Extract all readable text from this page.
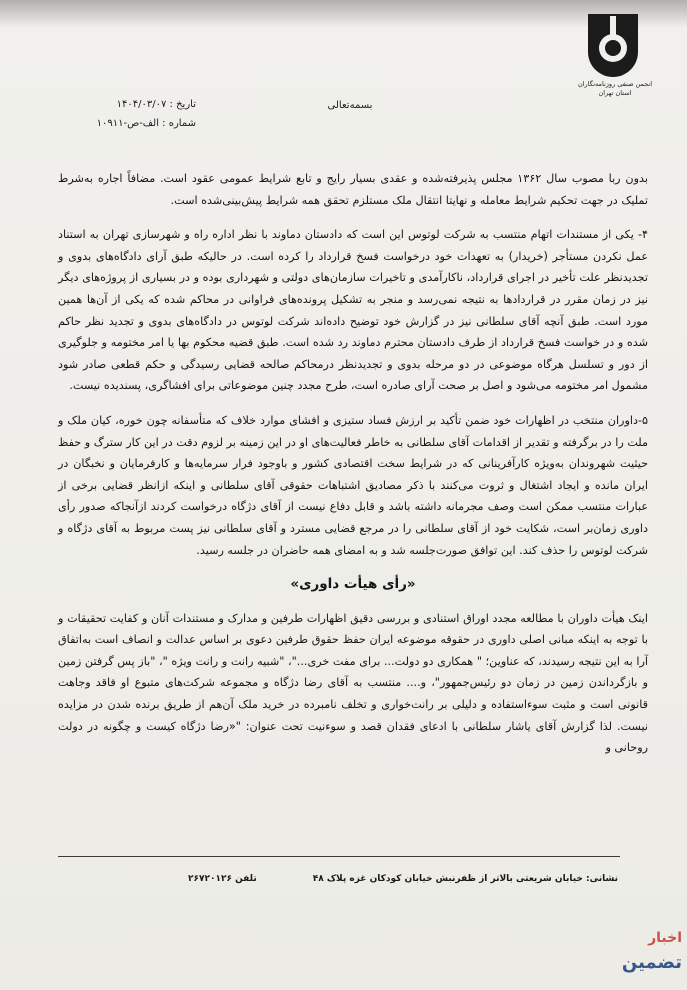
انجمن صنفی روزنامه‌نگاران استان تهران
بسمه‌تعالی
تاریخ : ۱۴۰۴/۰۳/۰۷
شماره : الف-ص-۱۰۹۱۱

بدون ربا مصوب سال ۱۳۶۲ مجلس پذیرفته‌شده و عقدی بسیار رایج و تابع شرایط عمومی عقود است. مضافاً اجاره به‌شرط تملیک در جهت تحکیم شرایط معامله و نهایتا انتقال ملک مستلزم تحقق همه شرایط پیش‌بینی‌شده است.

۴- یکی از مستندات اتهام منتسب به شرکت لوتوس این است که دادستان دماوند با نظر اداره راه و شهرسازی تهران به استناد عمل نکردن مستأجر (خریدار) به تعهدات خود درخواست فسخ قرارداد را کرده است. در حالیکه طبق آرای دادگاه‌های بدوی و تجدیدنظر علت تأخیر در اجرای قرارداد، ناکارآمدی و تاخیرات سازمان‌های دولتی و شهرداری بوده و در بسیاری از پروژه‌های دیگر نیز در زمان مقرر در قراردادها به نتیجه نمی‌رسد و منجر به تشکیل پرونده‌های فراوانی در محاکم شده که یکی از آن‌ها همین مورد است. طبق آنچه آقای سلطانی نیز در گزارش خود توضیح داده‌اند شرکت لوتوس در دادگاه‌های بدوی و تجدید نظر حاکم شده و در خواست فسخ قرارداد از طرف دادستان محترم دماوند رد شده است. طبق قضیه محکوم بها یا امر مختومه و جلوگیری از دور و تسلسل هرگاه موضوعی در دو مرحله بدوی و تجدیدنظر درمحاکم صالحه قضایی رسیدگی و حکم قطعی صادر شود مشمول امر مختومه می‌شود و اصل بر صحت آرای صادره است، طرح مجدد چنین موضوعاتی برای افشاگری، پسندیده نیست.

۵-داوران منتخب در اظهارات خود ضمن تأکید بر ارزش فساد ستیزی و افشای موارد خلاف که متأسفانه چون خوره، کیان ملک و ملت را در برگرفته و تقدیر از اقدامات آقای سلطانی به خاطر فعالیت‌های او در این زمینه بر لزوم دقت در این کار سترگ و حفظ حیثیت شهروندان به‌ویژه کارآفرینانی که در شرایط سخت اقتصادی کشور و باوجود فرار سرمایه‌ها و کارفرمایان و نخبگان در ایران مانده و ایجاد اشتغال و ثروت می‌کنند با ذکر مصادیق اشتباهات حقوقی آقای سلطانی و اینکه ازانظر قضایی برخی از عبارات منتسب ممکن است وصف مجرمانه داشته باشد و قابل دفاع نیست از آقای دژگاه درخواست کردند ازآنجاکه صدور رأی داوری زمان‌بر است، شکایت خود از آقای سلطانی را در مرجع قضایی مسترد و آقای سلطانی نیز پست مربوط به آقای دژگاه و شرکت لوتوس را حذف کند. این توافق صورت‌جلسه شد و به امضای همه حاضران در جلسه رسید.

«رأی هیأت داوری»

اینک هیأت داوران با مطالعه مجدد اوراق استنادی و بررسی دقیق اظهارات طرفین و مدارک و مستندات آنان و کفایت تحقیقات و با توجه به اینکه مبانی اصلی داوری در حقوقه موضوعه ایران حفظ حقوق طرفین دعوی بر اساس عدالت و انصاف است به‌اتفاق آرا به این نتیجه رسیدند، که عناوین؛ " همکاری دو دولت... برای مفت خری..."، "شبیه رانت و رانت ویژه "، "باز پس گرفتن زمین و بازگرداندن زمین در زمان دو رئیس‌جمهور"، و.... منتسب به آقای رضا دژگاه و مجموعه شرکت‌های متبوع او فاقد وجاهت قانونی است و مثبت سوءاستفاده و دلیلی بر رانت‌خواری و تخلف نامبرده در خرید ملک آن‌هم از طریق برنده شدن در مزایده نیست. لذا گزارش آقای یاشار سلطانی با ادعای فقدان قصد و سوءنیت تحت عنوان: "«رضا دژگاه کیست و چگونه در دولت روحانی و

نشانی: خیابان شریعتی بالاتر از ظفرنبش خیابان کودکان غزه پلاک ۴۸
تلفن ۲۶۷۲۰۱۲۶
اخبار
تضمین
